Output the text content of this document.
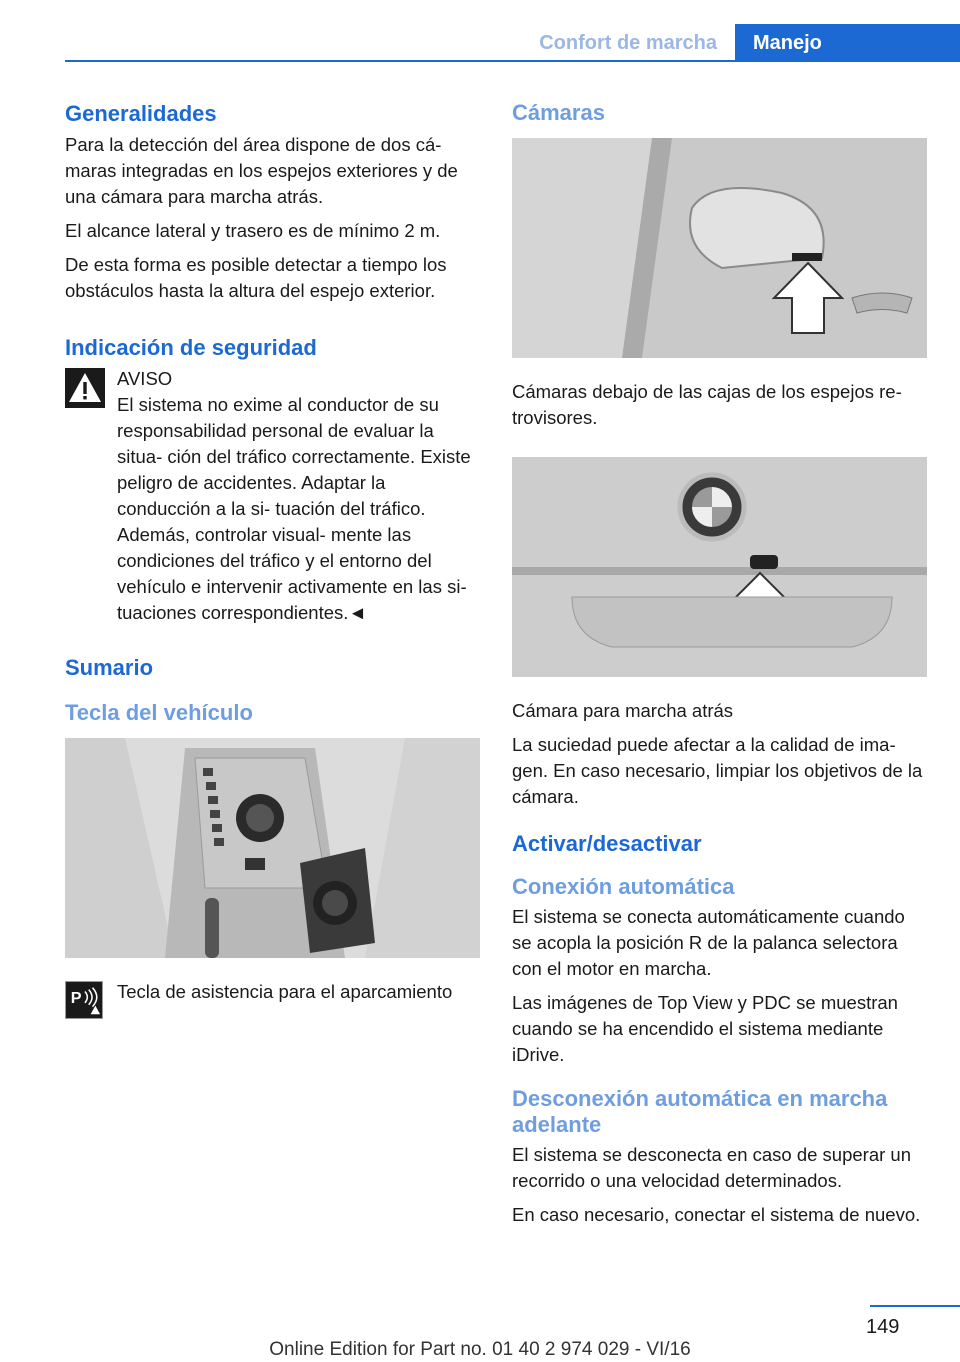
Confort de marcha	Manejo
Generalidades

Para la detección del área dispone de dos cá‐ maras integradas en los espejos exteriores y de una cámara para marcha atrás.

El alcance lateral y trasero es de mínimo 2 m.

De esta forma es posible detectar a tiempo los obstáculos hasta la altura del espejo exterior.

Indicación de seguridad
AVISO
El sistema no exime al conductor de su responsabilidad personal de evaluar la situa‐ ción del tráfico correctamente. Existe peligro de accidentes. Adaptar la conducción a la si‐ tuación del tráfico. Además, controlar visual‐ mente las condiciones del tráfico y el entorno del vehículo e intervenir activamente en las si‐ tuaciones correspondientes.◄
Sumario
Tecla del vehículo
P Tecla de asistencia para el aparcamiento
Cámaras

Cámaras debajo de las cajas de los espejos re‐ trovisores.

Cámara para marcha atrás

La suciedad puede afectar a la calidad de ima‐ gen. En caso necesario, limpiar los objetivos de la cámara.

Activar/desactivar
Conexión automática

El sistema se conecta automáticamente cuando se acopla la posición R de la palanca selectora con el motor en marcha.

Las imágenes de Top View y PDC se muestran cuando se ha encendido el sistema mediante iDrive.

Desconexión automática en marcha adelante

El sistema se desconecta en caso de superar un recorrido o una velocidad determinados.

En caso necesario, conectar el sistema de nuevo.

149
Online Edition for Part no. 01 40 2 974 029 - VI/16
